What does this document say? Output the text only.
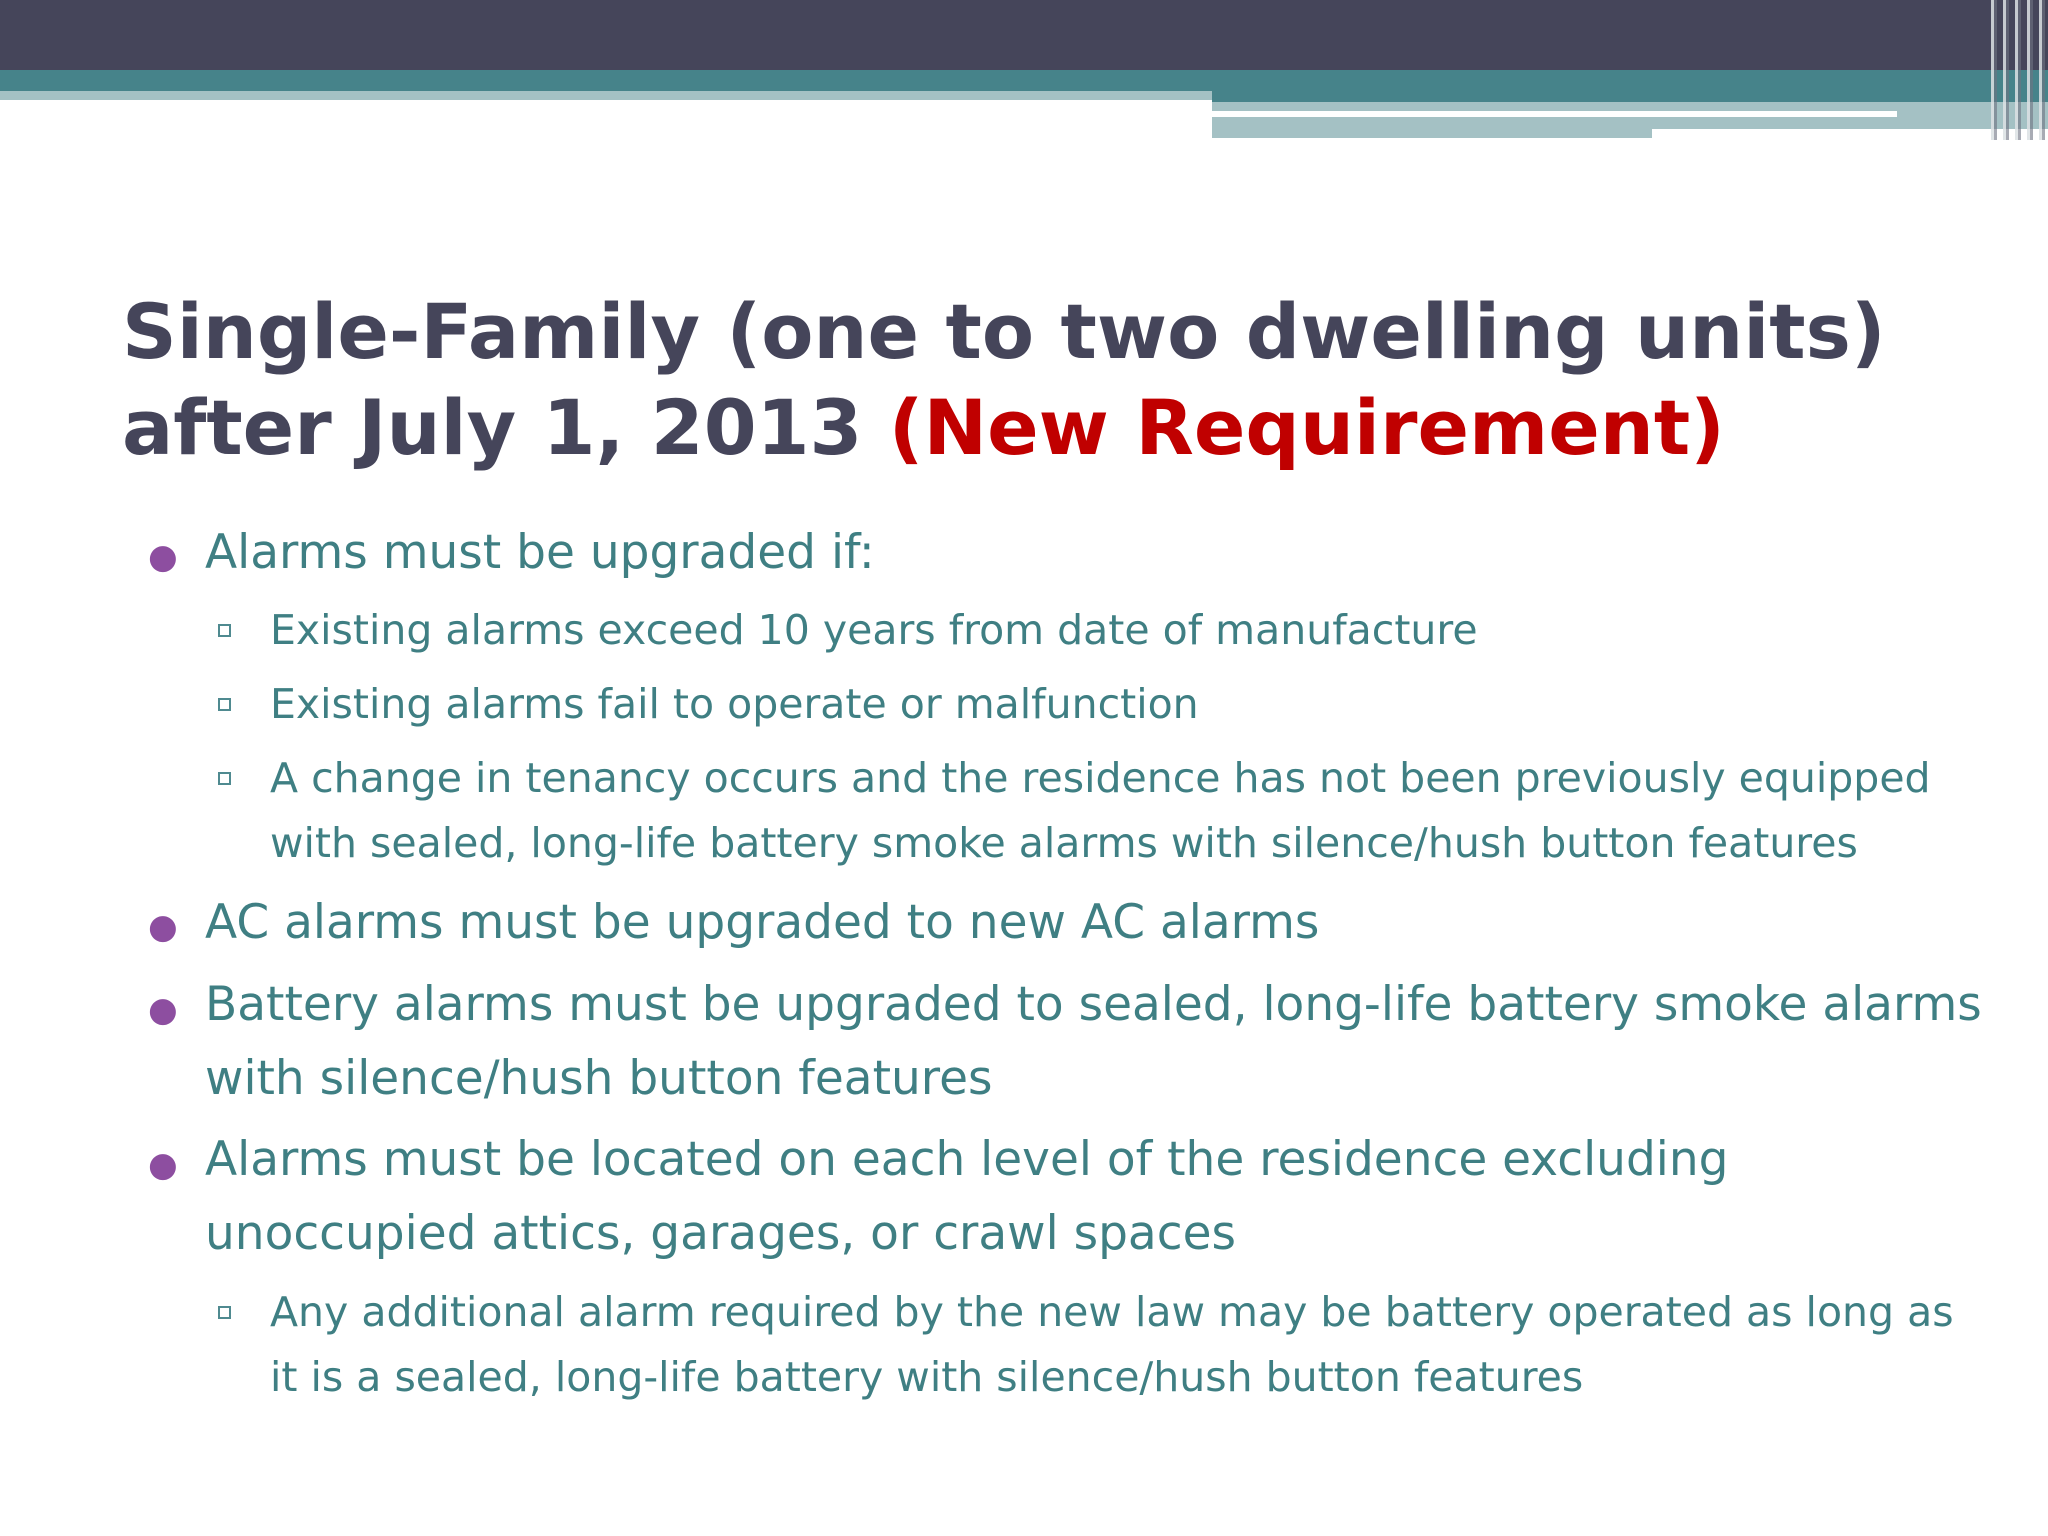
Single-Family (one to two dwelling units) after July 1, 2013 (New Requirement)
● Alarms must be upgraded if:

Existing alarms exceed 10 years from date of manufacture

Existing alarms fail to operate or malfunction

A change in tenancy occurs and the residence has not been previously equipped with sealed, long-life battery smoke alarms with silence/hush button features

● AC alarms must be upgraded to new AC alarms

● Battery alarms must be upgraded to sealed, long-life battery smoke alarms with silence/hush button features

● Alarms must be located on each level of the residence excluding unoccupied attics, garages, or crawl spaces

Any additional alarm required by the new law may be battery operated as long as it is a sealed, long-life battery with silence/hush button features
